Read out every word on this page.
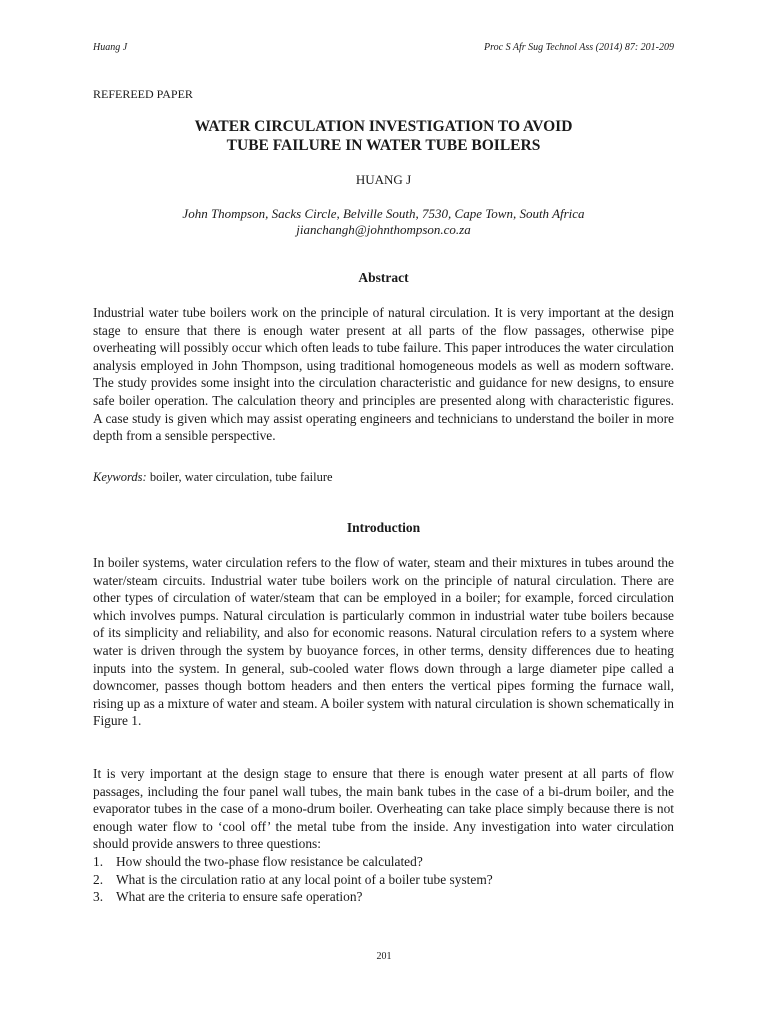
Huang J	Proc S Afr Sug Technol Ass (2014) 87: 201-209
REFEREED PAPER
WATER CIRCULATION INVESTIGATION TO AVOID
TUBE FAILURE IN WATER TUBE BOILERS
HUANG J
John Thompson, Sacks Circle, Belville South, 7530, Cape Town, South Africa
jianchangh@johnthompson.co.za
Abstract

Industrial water tube boilers work on the principle of natural circulation. It is very important at the design stage to ensure that there is enough water present at all parts of the flow passages, otherwise pipe overheating will possibly occur which often leads to tube failure. This paper introduces the water circulation analysis employed in John Thompson, using traditional homogeneous models as well as modern software. The study provides some insight into the circulation characteristic and guidance for new designs, to ensure safe boiler operation. The calculation theory and principles are presented along with characteristic figures. A case study is given which may assist operating engineers and technicians to understand the boiler in more depth from a sensible perspective.

Keywords: boiler, water circulation, tube failure
Introduction

In boiler systems, water circulation refers to the flow of water, steam and their mixtures in tubes around the water/steam circuits. Industrial water tube boilers work on the principle of natural circulation. There are other types of circulation of water/steam that can be employed in a boiler; for example, forced circulation which involves pumps. Natural circulation is particularly common in industrial water tube boilers because of its simplicity and reliability, and also for economic reasons. Natural circulation refers to a system where water is driven through the system by buoyance forces, in other terms, density differences due to heating inputs into the system. In general, sub-cooled water flows down through a large diameter pipe called a downcomer, passes though bottom headers and then enters the vertical pipes forming the furnace wall, rising up as a mixture of water and steam. A boiler system with natural circulation is shown schematically in Figure 1.

It is very important at the design stage to ensure that there is enough water present at all parts of flow passages, including the four panel wall tubes, the main bank tubes in the case of a bi-drum boiler, and the evaporator tubes in the case of a mono-drum boiler. Overheating can take place simply because there is not enough water flow to ‘cool off’ the metal tube from the inside. Any investigation into water circulation should provide answers to three questions:

1. How should the two-phase flow resistance be calculated?
2. What is the circulation ratio at any local point of a boiler tube system?
3. What are the criteria to ensure safe operation?
201
